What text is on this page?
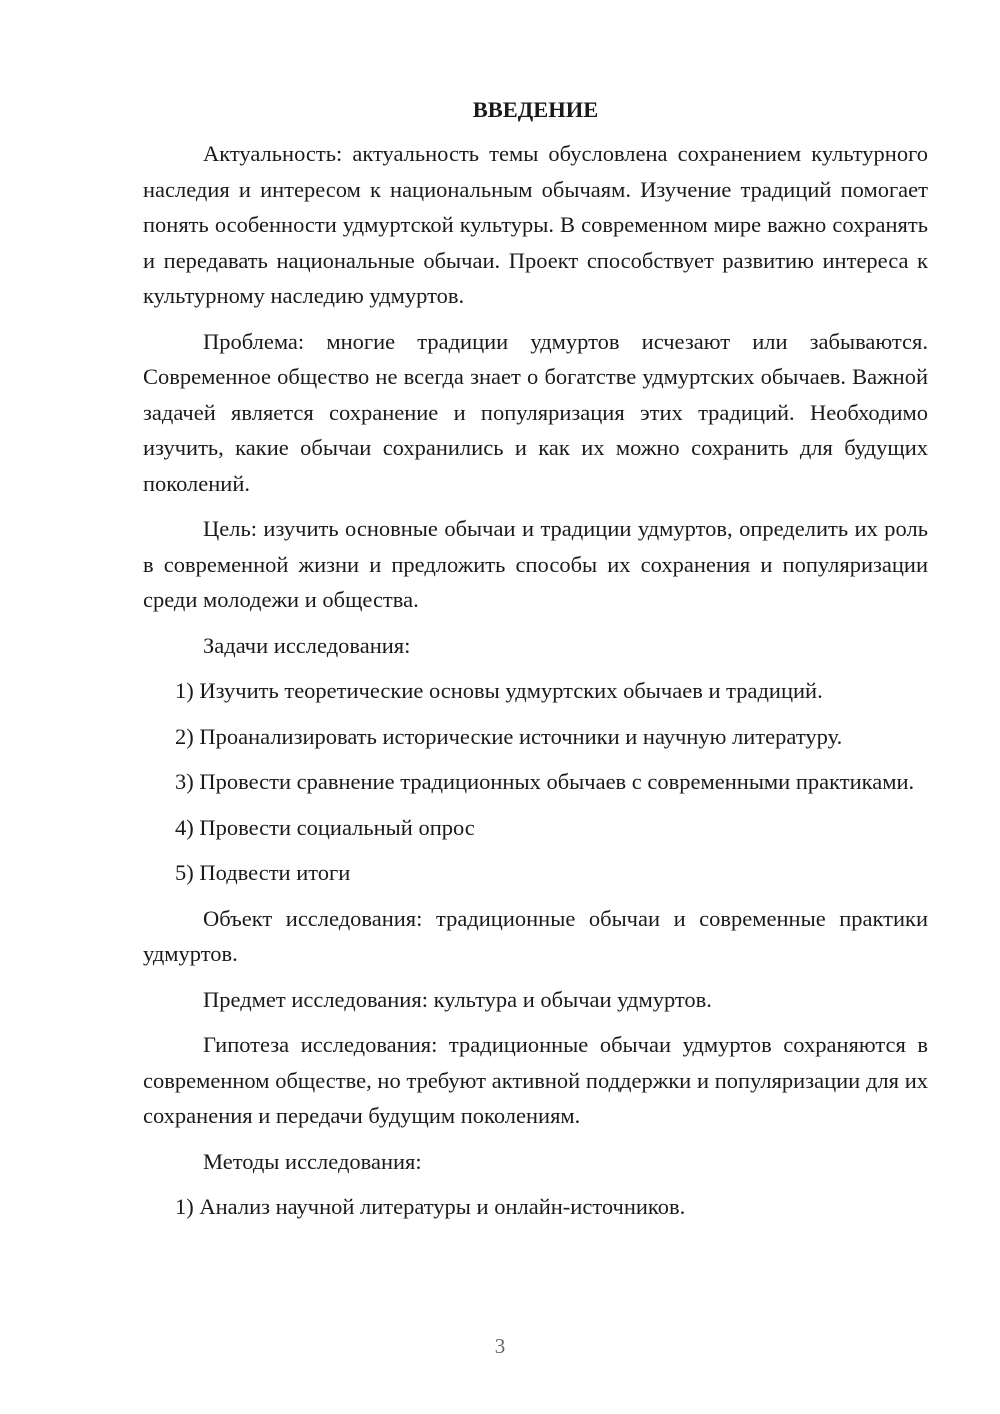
ВВЕДЕНИЕ
Актуальность: актуальность темы обусловлена сохранением культурного наследия и интересом к национальным обычаям. Изучение традиций помогает понять особенности удмуртской культуры. В современном мире важно сохранять и передавать национальные обычаи. Проект способствует развитию интереса к культурному наследию удмуртов.
Проблема: многие традиции удмуртов исчезают или забываются. Современное общество не всегда знает о богатстве удмуртских обычаев. Важной задачей является сохранение и популяризация этих традиций. Необходимо изучить, какие обычаи сохранились и как их можно сохранить для будущих поколений.
Цель: изучить основные обычаи и традиции удмуртов, определить их роль в современной жизни и предложить способы их сохранения и популяризации среди молодежи и общества.
Задачи исследования:
1) Изучить теоретические основы удмуртских обычаев и традиций.
2) Проанализировать исторические источники и научную литературу.
3) Провести сравнение традиционных обычаев с современными практиками.
4) Провести социальный опрос
5) Подвести итоги
Объект исследования: традиционные обычаи и современные практики удмуртов.
Предмет исследования: культура и обычаи удмуртов.
Гипотеза исследования: традиционные обычаи удмуртов сохраняются в современном обществе, но требуют активной поддержки и популяризации для их сохранения и передачи будущим поколениям.
Методы исследования:
1) Анализ научной литературы и онлайн-источников.
3
